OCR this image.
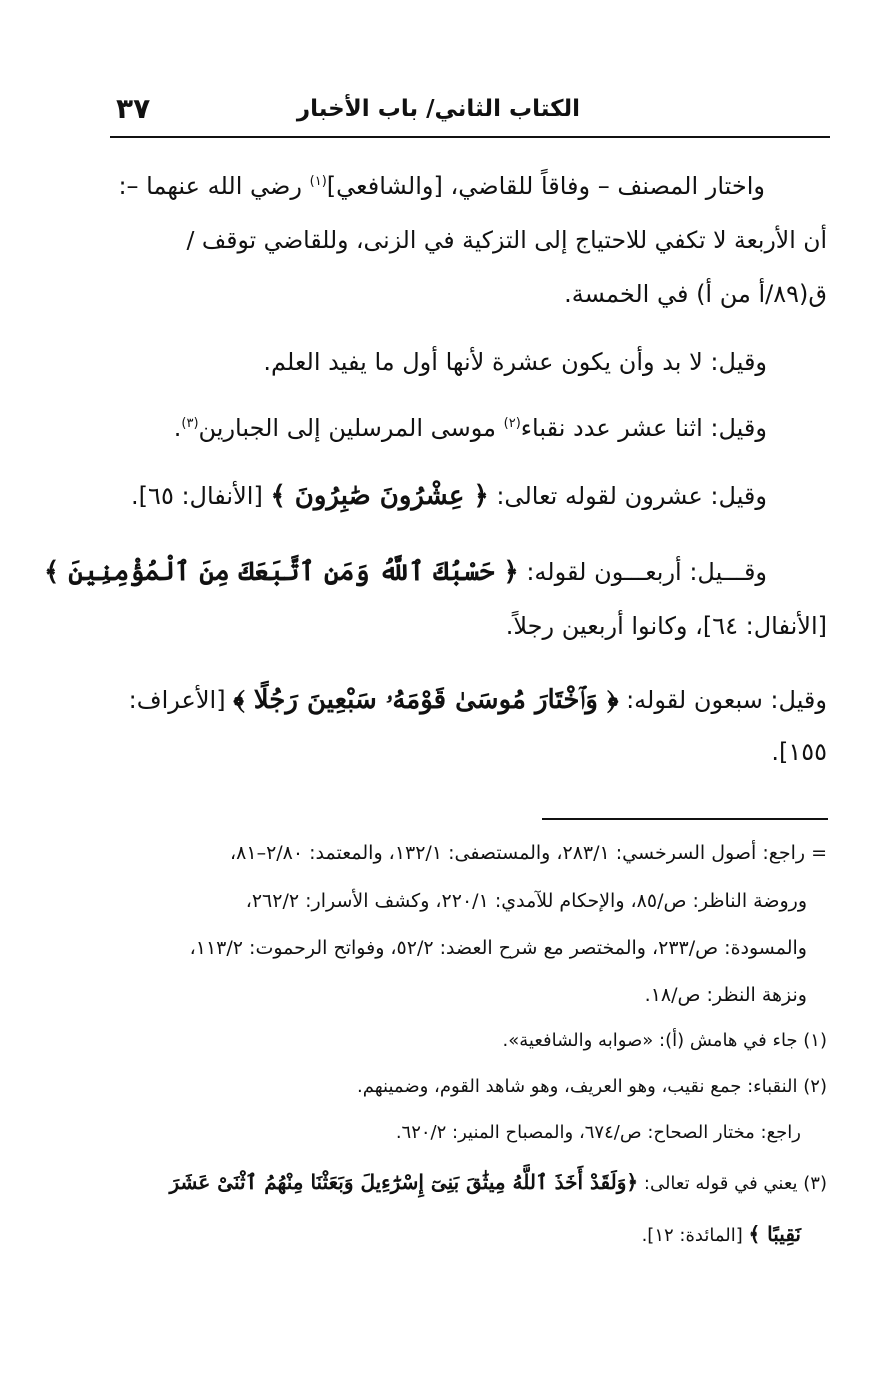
الكتاب الثاني/ باب الأخبار
٣٧
واختار المصنف – وفاقاً للقاضي، [والشافعي]$^{(١)}$ رضي الله عنهما –:
أن الأربعة لا تكفي للاحتياج إلى التزكية في الزنى، وللقاضي توقف /
ق(٨٩/أ من أ) في الخمسة.
وقيل: لا بد وأن يكون عشرة لأنها أول ما يفيد العلم.
وقيل: اثنا عشر عدد نقباء$^{(٢)}$ موسى المرسلين إلى الجبارين$^{(٣)}$.
وقيل: عشرون لقوله تعالى: ﴿ عِشْرُونَ صَٰبِرُونَ ﴾ [الأنفال: ٦٥].
وقـــيل: أربعـــون لقوله: ﴿ حَسْبُكَ ٱللَّهُ وَمَنِ ٱتَّبَعَكَ مِنَ ٱلْمُؤْمِنِينَ ﴾
[الأنفال: ٦٤]، وكانوا أربعين رجلاً.
وقيل: سبعون لقوله: ﴿ وَٱخْتَارَ مُوسَىٰ قَوْمَهُۥ سَبْعِينَ رَجُلًا ﴾ [الأعراف:
١٥٥].
= راجع: أصول السرخسي: ٢٨٣/١، والمستصفى: ١٣٢/١، والمعتمد: ٢/٨٠–٨١،
وروضة الناظر: ص/٨٥، والإحكام للآمدي: ٢٢٠/١، وكشف الأسرار: ٢٦٢/٢،
والمسودة: ص/٢٣٣، والمختصر مع شرح العضد: ٥٢/٢، وفواتح الرحموت: ١١٣/٢،
ونزهة النظر: ص/١٨.
(١) جاء في هامش (أ): «صوابه والشافعية».
(٢) النقباء: جمع نقيب، وهو العريف، وهو شاهد القوم، وضمينهم.
راجع: مختار الصحاح: ص/٦٧٤، والمصباح المنير: ٦٢٠/٢.
(٣) يعني في قوله تعالى: ﴿وَلَقَدْ أَخَذَ ٱللَّهُ مِيثَٰقَ بَنِىٓ إِسْرَٰٓءِيلَ وَبَعَثْنَا مِنْهُمُ ٱثْنَىْ عَشَرَ
نَقِيبًا ﴾ [المائدة: ١٢].
